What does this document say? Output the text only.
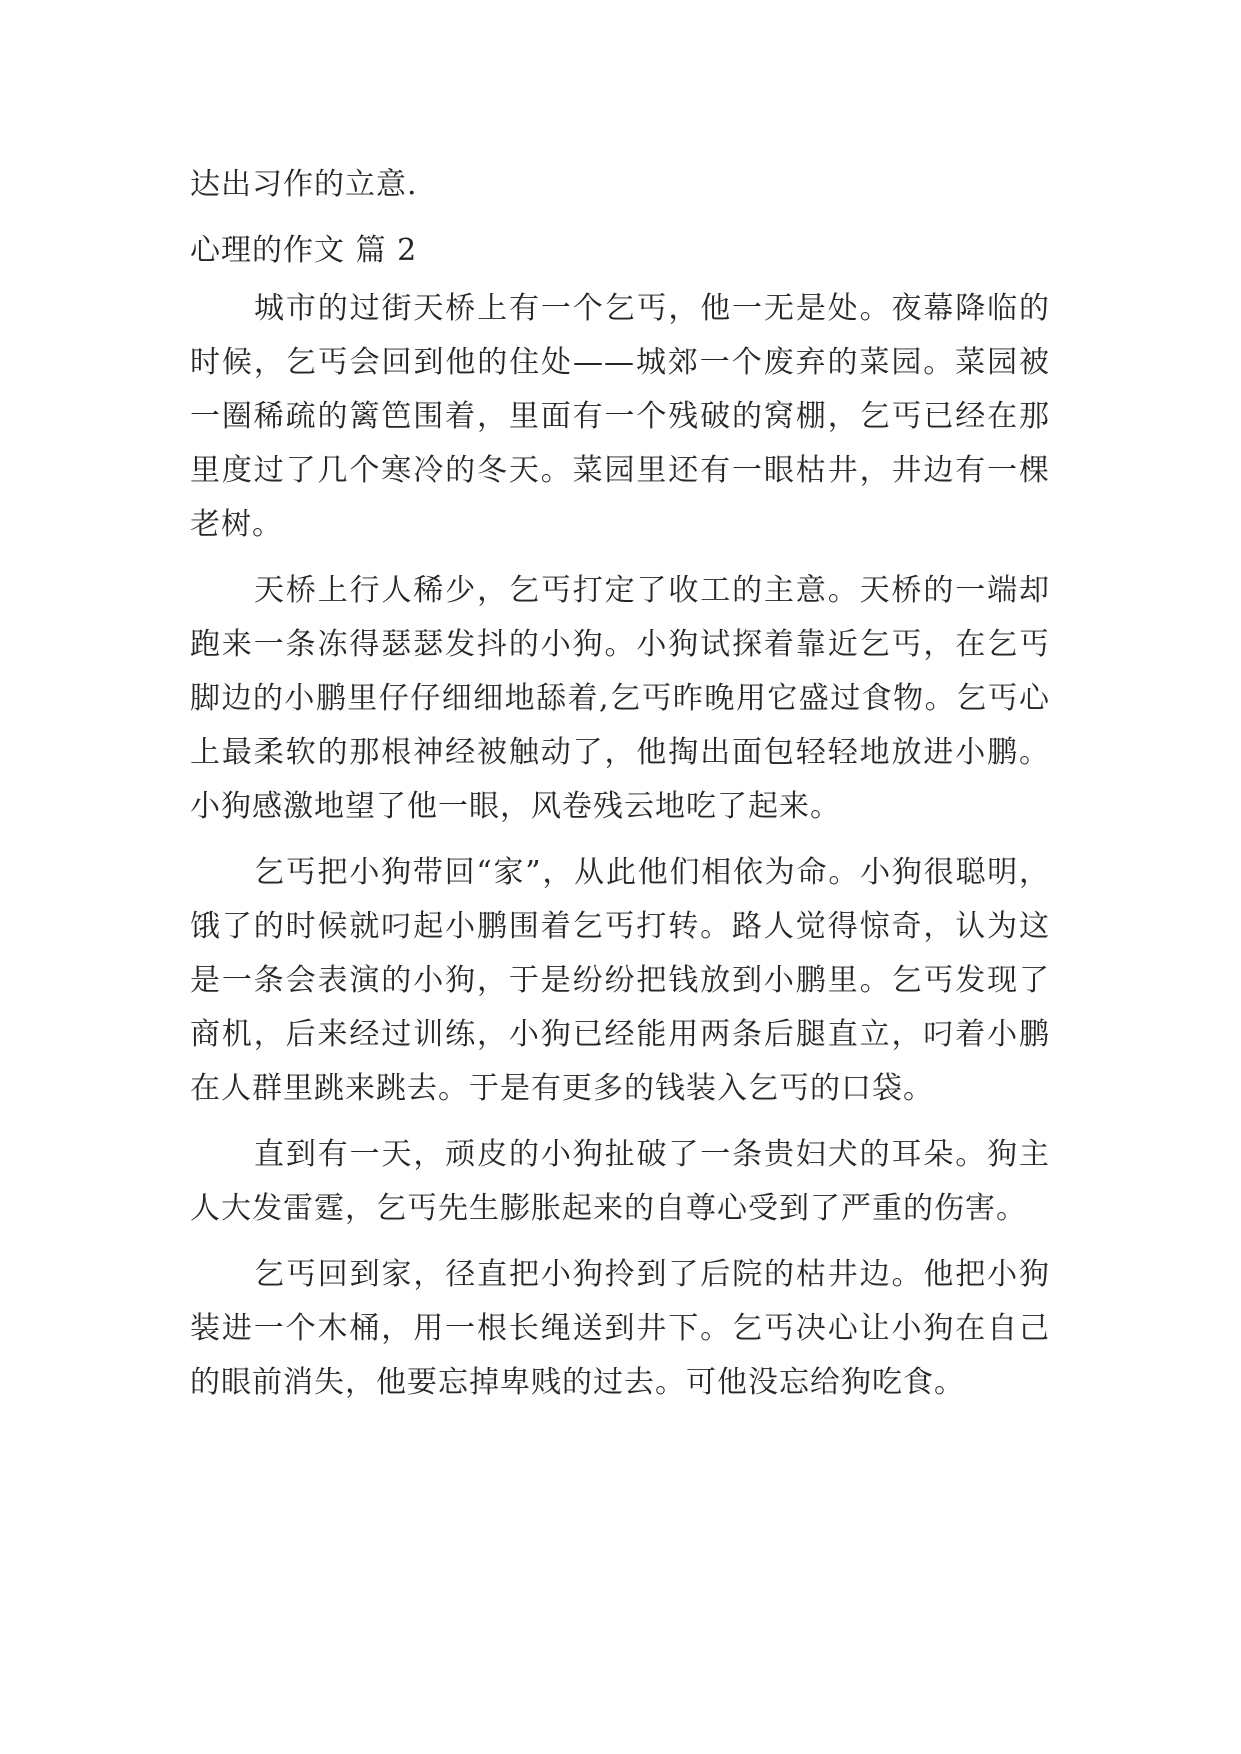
达出习作的立意.

心理的作文 篇 2

城市的过街天桥上有一个乞丐，他一无是处。夜幕降临的时候，乞丐会回到他的住处——城郊一个废弃的菜园。菜园被一圈稀疏的篱笆围着，里面有一个残破的窝棚，乞丐已经在那里度过了几个寒冷的冬天。菜园里还有一眼枯井，井边有一棵老树。

天桥上行人稀少，乞丐打定了收工的主意。天桥的一端却跑来一条冻得瑟瑟发抖的小狗。小狗试探着靠近乞丐，在乞丐脚边的小鹏里仔仔细细地舔着,乞丐昨晚用它盛过食物。乞丐心上最柔软的那根神经被触动了，他掏出面包轻轻地放进小鹏。小狗感激地望了他一眼，风卷残云地吃了起来。

乞丐把小狗带回“家”，从此他们相依为命。小狗很聪明，饿了的时候就叼起小鹏围着乞丐打转。路人觉得惊奇，认为这是一条会表演的小狗，于是纷纷把钱放到小鹏里。乞丐发现了商机，后来经过训练，小狗已经能用两条后腿直立，叼着小鹏在人群里跳来跳去。于是有更多的钱装入乞丐的口袋。

直到有一天，顽皮的小狗扯破了一条贵妇犬的耳朵。狗主人大发雷霆，乞丐先生膨胀起来的自尊心受到了严重的伤害。

乞丐回到家，径直把小狗拎到了后院的枯井边。他把小狗装进一个木桶，用一根长绳送到井下。乞丐决心让小狗在自己的眼前消失，他要忘掉卑贱的过去。可他没忘给狗吃食。
